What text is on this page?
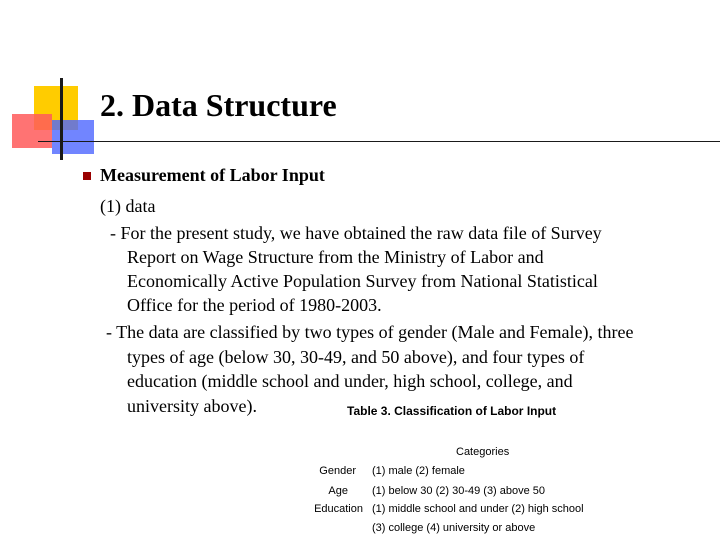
2. Data Structure
Measurement of Labor Input
(1) data
- For the present study, we have obtained the raw data file of Survey
Report on Wage Structure from the Ministry of Labor and
Economically Active Population Survey from National Statistical
Office for the period of 1980-2003.
- The data are classified by two types of gender (Male and Female), three
types of age (below 30, 30-49, and 50 above), and four types of
education (middle school and under, high school, college, and
university above).	Table 3. Classification of Labor Input
Categories
Gender (1) male (2) female
Age (1) below 30 (2) 30-49 (3) above 50
Education (1) middle school and under (2) high school
(3) college (4) university or above
